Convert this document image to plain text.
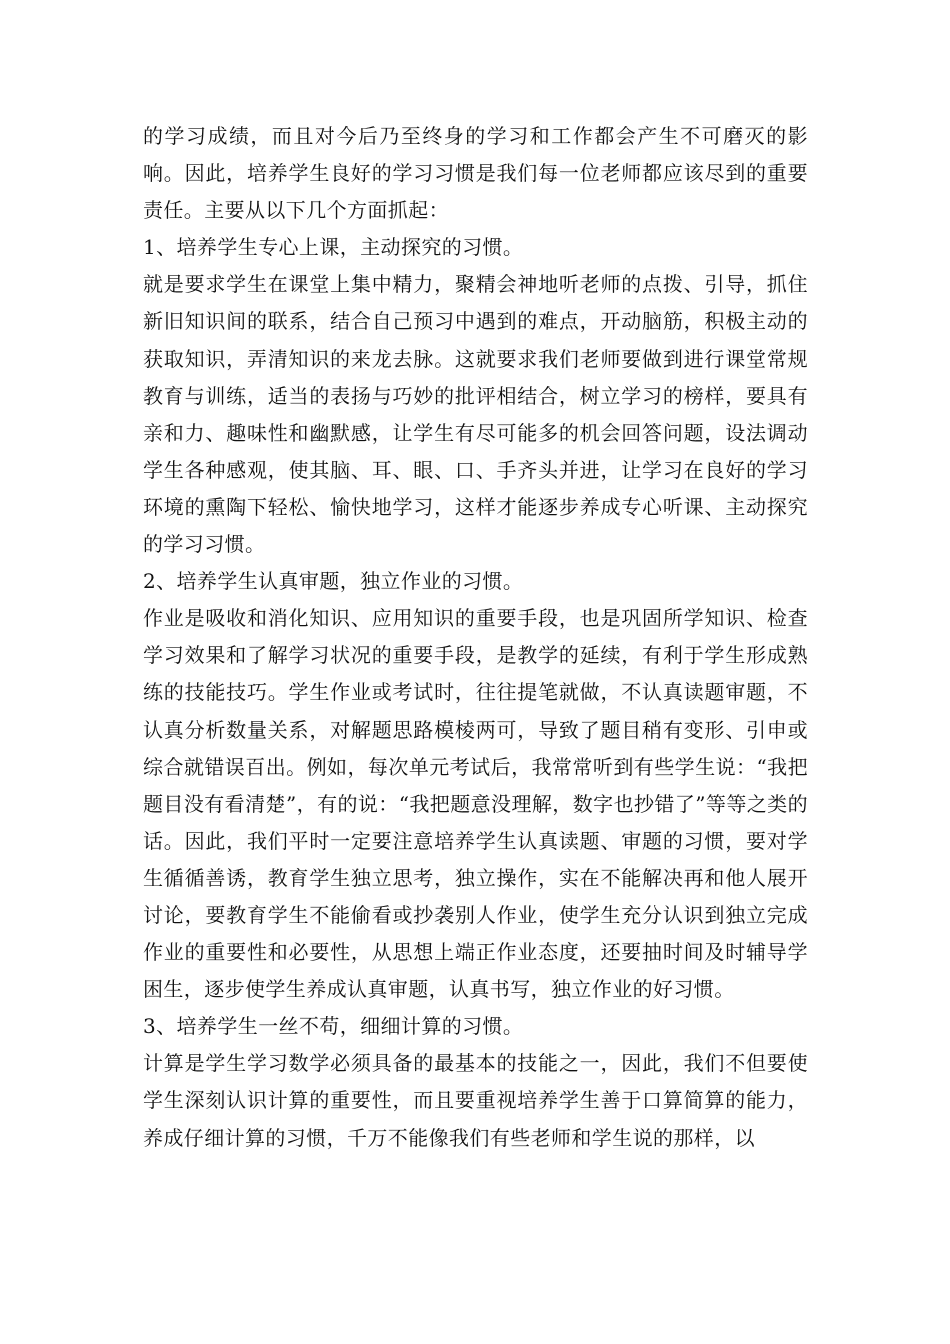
的学习成绩，而且对今后乃至终身的学习和工作都会产生不可磨灭的影响。因此，培养学生良好的学习习惯是我们每一位老师都应该尽到的重要责任。主要从以下几个方面抓起：

1、培养学生专心上课，主动探究的习惯。

就是要求学生在课堂上集中精力，聚精会神地听老师的点拨、引导，抓住新旧知识间的联系，结合自己预习中遇到的难点，开动脑筋，积极主动的获取知识，弄清知识的来龙去脉。这就要求我们老师要做到进行课堂常规教育与训练，适当的表扬与巧妙的批评相结合，树立学习的榜样，要具有亲和力、趣味性和幽默感，让学生有尽可能多的机会回答问题，设法调动学生各种感观，使其脑、耳、眼、口、手齐头并进，让学习在良好的学习环境的熏陶下轻松、愉快地学习，这样才能逐步养成专心听课、主动探究的学习习惯。

2、培养学生认真审题，独立作业的习惯。

作业是吸收和消化知识、应用知识的重要手段，也是巩固所学知识、检查学习效果和了解学习状况的重要手段，是教学的延续，有利于学生形成熟练的技能技巧。学生作业或考试时，往往提笔就做，不认真读题审题，不认真分析数量关系，对解题思路模棱两可，导致了题目稍有变形、引申或综合就错误百出。例如，每次单元考试后，我常常听到有些学生说：“我把题目没有看清楚”，有的说：“我把题意没理解，数字也抄错了”等等之类的话。因此，我们平时一定要注意培养学生认真读题、审题的习惯，要对学生循循善诱，教育学生独立思考，独立操作，实在不能解决再和他人展开讨论，要教育学生不能偷看或抄袭别人作业，使学生充分认识到独立完成作业的重要性和必要性，从思想上端正作业态度，还要抽时间及时辅导学困生，逐步使学生养成认真审题，认真书写，独立作业的好习惯。

3、培养学生一丝不苟，细细计算的习惯。

计算是学生学习数学必须具备的最基本的技能之一，因此，我们不但要使学生深刻认识计算的重要性，而且要重视培养学生善于口算简算的能力，养成仔细计算的习惯，千万不能像我们有些老师和学生说的那样，以
